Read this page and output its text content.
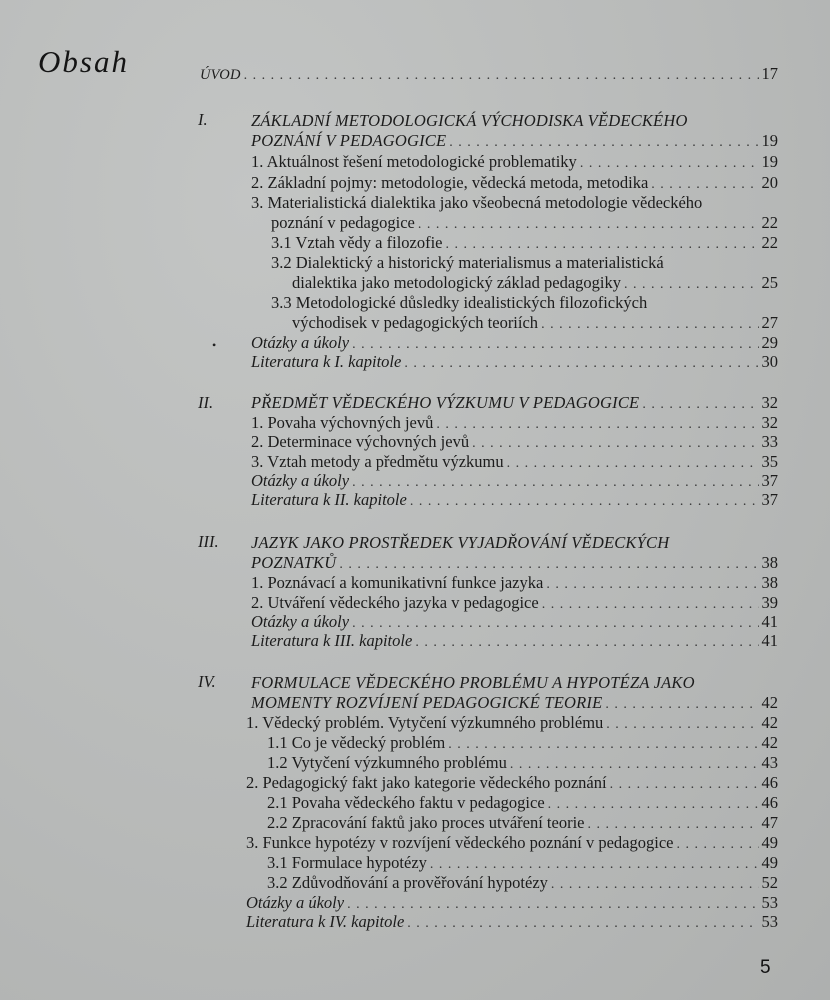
Obsah	ÚVOD . . .	17
I.	ZÁKLADNÍ METODOLOGICKÁ VÝCHODISKA VĚDECKÉHO
POZNÁNÍ V PEDAGOGICE . . .	19
1. Aktuálnost řešení metodologické problematiky . . .	19
2. Základní pojmy: metodologie, vědecká metoda, metodika . . .	20
3. Materialistická dialektika jako všeobecná metodologie vědeckého
poznání v pedagogice . . .	22
3.1 Vztah vědy a filozofie . . .	22
3.2 Dialektický a historický materialismus a materialistická
dialektika jako metodologický základ pedagogiky . . .	25
3.3 Metodologické důsledky idealistických filozofických
východisek v pedagogických teoriích . . .	27
• Otázky a úkoly . . .	29
Literatura k I. kapitole . . .	30
II. PŘEDMĚT VĚDECKÉHO VÝZKUMU V PEDAGOGICE . . .	32
1. Povaha výchovných jevů . . .	32
2. Determinace výchovných jevů . . .	33
3. Vztah metody a předmětu výzkumu . . .	35
Otázky a úkoly . . .	37
Literatura k II. kapitole . . .	37
III. JAZYK JAKO PROSTŘEDEK VYJADŘOVÁNÍ VĚDECKÝCH
POZNATKŮ . . .	38
1. Poznávací a komunikativní funkce jazyka . . .	38
2. Utváření vědeckého jazyka v pedagogice . . .	39
Otázky a úkoly . . .	41
Literatura k III. kapitole . . .	41
IV. FORMULACE VĚDECKÉHO PROBLÉMU A HYPOTÉZA JAKO
MOMENTY ROZVÍJENÍ PEDAGOGICKÉ TEORIE . . .	42
1. Vědecký problém. Vytyčení výzkumného problému . . .	42
1.1 Co je vědecký problém . . .	42
1.2 Vytyčení výzkumného problému . . .	43
2. Pedagogický fakt jako kategorie vědeckého poznání . . .	46
2.1 Povaha vědeckého faktu v pedagogice . . .	46
2.2 Zpracování faktů jako proces utváření teorie . . .	47
3. Funkce hypotézy v rozvíjení vědeckého poznání v pedagogice . . .	49
3.1 Formulace hypotézy . . .	49
3.2 Zdůvodňování a prověřování hypotézy . . .	52
Otázky a úkoly . . .	53
Literatura k IV. kapitole . . .	53
5
